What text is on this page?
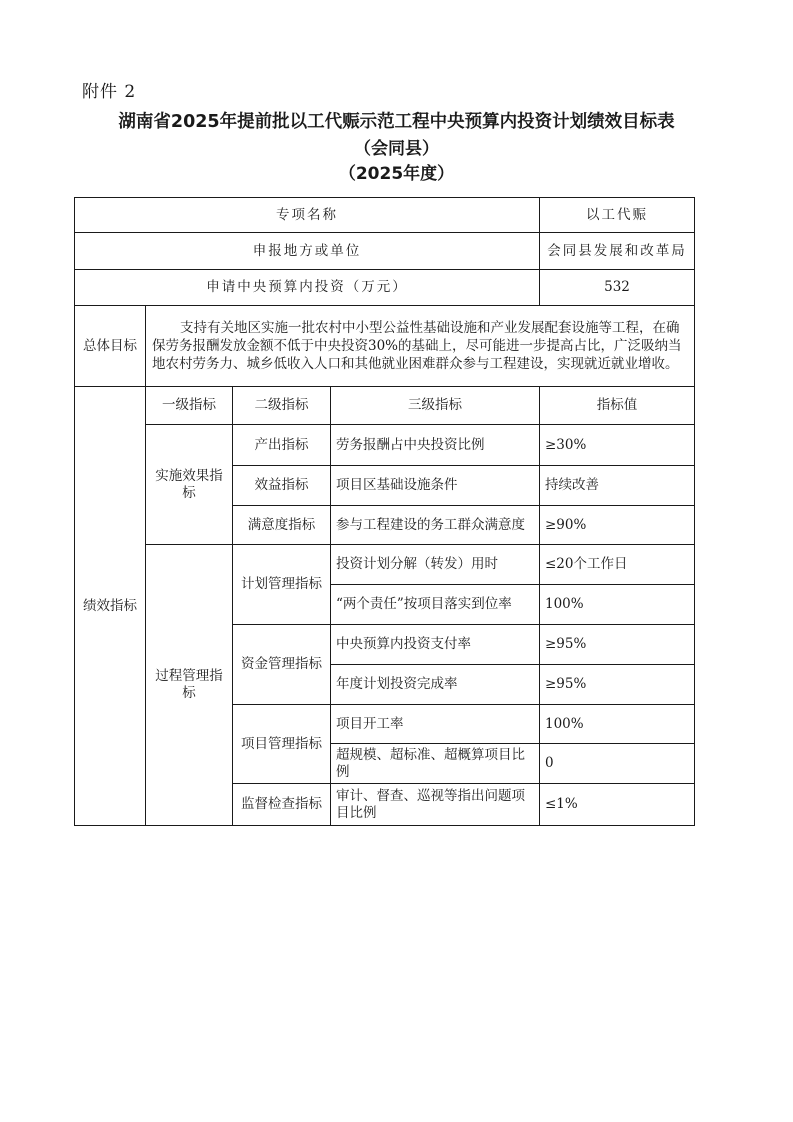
附件 2
湖南省2025年提前批以工代赈示范工程中央预算内投资计划绩效目标表
（会同县）
（2025年度）
专项名称				以工代赈
申报地方或单位				会同县发展和改革局
申请中央预算内投资（万元）				532
总体目标	支持有关地区实施一批农村中小型公益性基础设施和产业发展配套设施等工程，在确保劳务报酬发放金额不低于中央投资30%的基础上，尽可能进一步提高占比，广泛吸纳当地农村劳务力、城乡低收入人口和其他就业困难群众参与工程建设，实现就近就业增收。			
绩效指标	一级指标	二级指标	三级指标	指标值
	实施效果指标	产出指标	劳务报酬占中央投资比例	≥30%
		效益指标	项目区基础设施条件	持续改善
		满意度指标	参与工程建设的务工群众满意度	≥90%
	过程管理指标	计划管理指标	投资计划分解（转发）用时	≤20个工作日
			“两个责任”按项目落实到位率	100%
		资金管理指标	中央预算内投资支付率	≥95%
			年度计划投资完成率	≥95%
		项目管理指标	项目开工率	100%
			超规模、超标准、超概算项目比例	0
		监督检查指标	审计、督查、巡视等指出问题项目比例	≤1%
